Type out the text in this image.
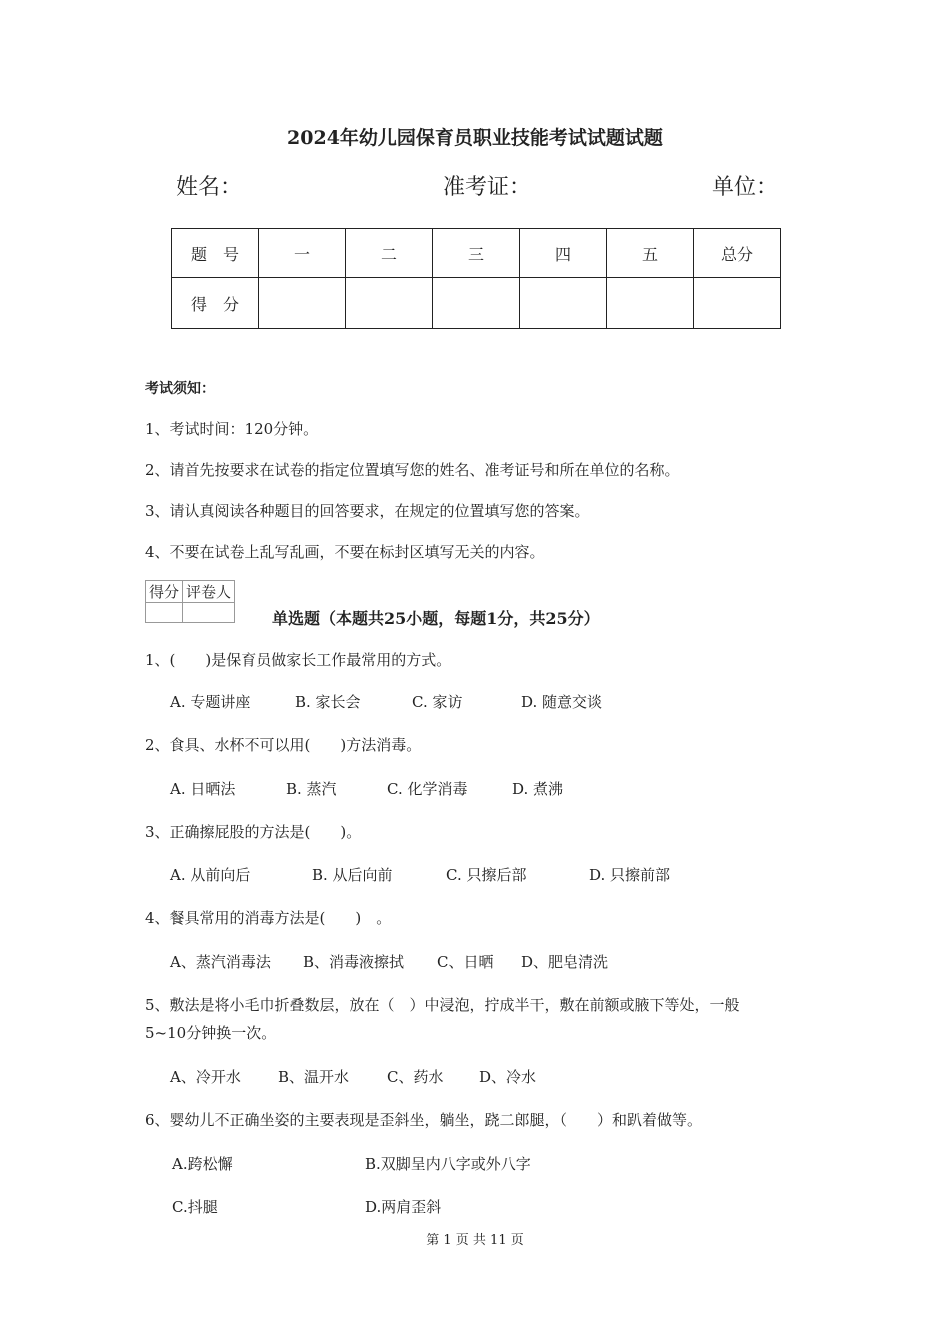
2024年幼儿园保育员职业技能考试试题试题
姓名：	准考证：	单位：
题　号	一	二	三	四	五	总分
得　分						
考试须知：
1、考试时间：120分钟。
2、请首先按要求在试卷的指定位置填写您的姓名、准考证号和所在单位的名称。
3、请认真阅读各种题目的回答要求，在规定的位置填写您的答案。
4、不要在试卷上乱写乱画，不要在标封区填写无关的内容。
得分	评卷人

单选题（本题共25小题，每题1分，共25分）
1、(　　)是保育员做家长工作最常用的方式。
A. 专题讲座	B. 家长会	C. 家访	D. 随意交谈
2、食具、水杯不可以用(　　)方法消毒。
A. 日晒法	B. 蒸汽	C. 化学消毒	D. 煮沸
3、正确擦屁股的方法是(　　)。
A. 从前向后	B. 从后向前	C. 只擦后部	D. 只擦前部
4、餐具常用的消毒方法是(　　)　。
A、蒸汽消毒法 B、消毒液擦拭 C、日晒 D、肥皂清洗
5、敷法是将小毛巾折叠数层，放在（　）中浸泡，拧成半干，敷在前额或腋下等处，一般
5~10分钟换一次。
A、冷开水 B、温开水	C、药水 D、冷水
6、婴幼儿不正确坐姿的主要表现是歪斜坐，躺坐，跷二郎腿，（　　）和趴着做等。
A.跨松懈	B.双脚呈内八字或外八字
C.抖腿	D.两肩歪斜
第 1 页 共 11 页
